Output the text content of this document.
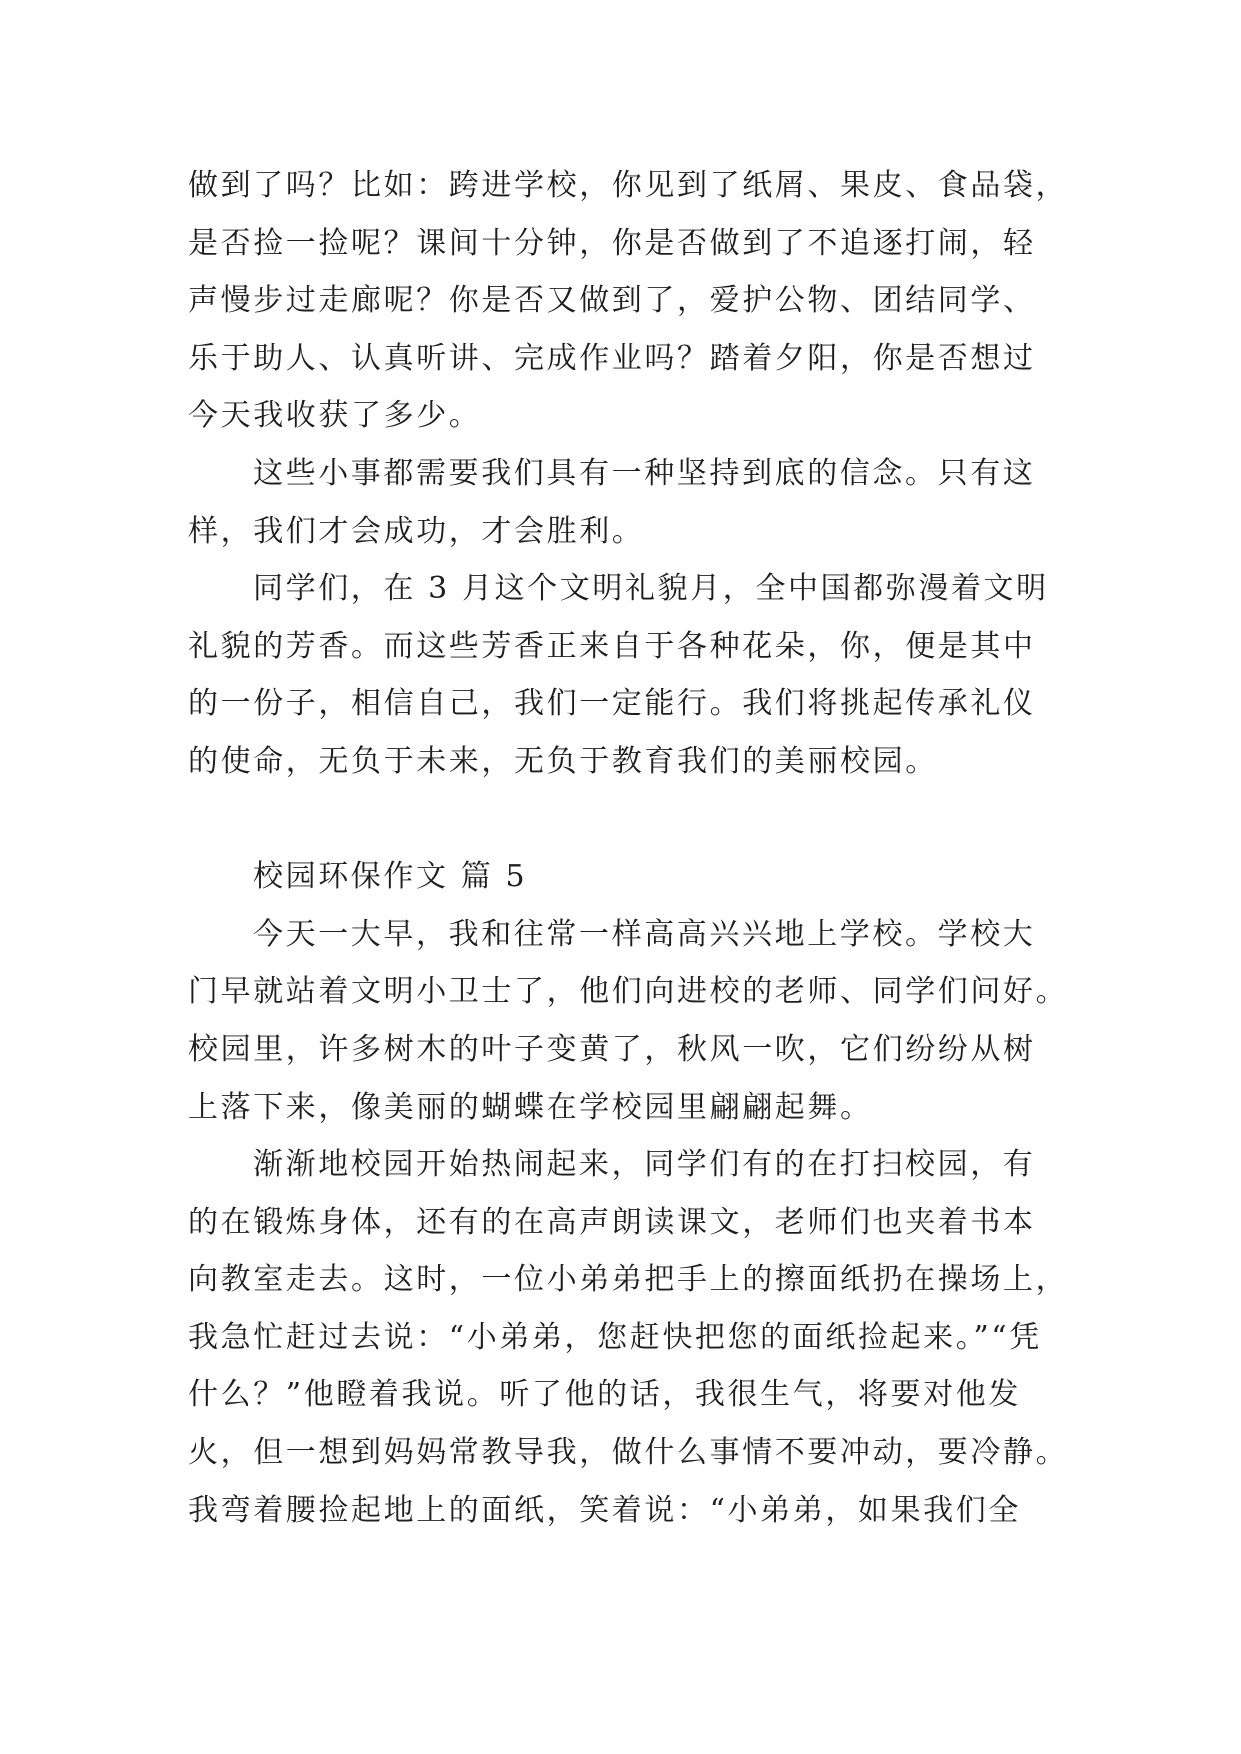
做到了吗？比如：跨进学校，你见到了纸屑、果皮、食品袋，
是否捡一捡呢？课间十分钟，你是否做到了不追逐打闹，轻
声慢步过走廊呢？你是否又做到了，爱护公物、团结同学、
乐于助人、认真听讲、完成作业吗？踏着夕阳，你是否想过
今天我收获了多少。
这些小事都需要我们具有一种坚持到底的信念。只有这
样，我们才会成功，才会胜利。
同学们，在 3 月这个文明礼貌月，全中国都弥漫着文明
礼貌的芳香。而这些芳香正来自于各种花朵，你，便是其中
的一份子，相信自己，我们一定能行。我们将挑起传承礼仪
的使命，无负于未来，无负于教育我们的美丽校园。
校园环保作文 篇 5
今天一大早，我和往常一样高高兴兴地上学校。学校大
门早就站着文明小卫士了，他们向进校的老师、同学们问好。
校园里，许多树木的叶子变黄了，秋风一吹，它们纷纷从树
上落下来，像美丽的蝴蝶在学校园里翩翩起舞。
渐渐地校园开始热闹起来，同学们有的在打扫校园，有
的在锻炼身体，还有的在高声朗读课文，老师们也夹着书本
向教室走去。这时，一位小弟弟把手上的擦面纸扔在操场上，
我急忙赶过去说：“小弟弟，您赶快把您的面纸捡起来。”“凭
什么？”他瞪着我说。听了他的话，我很生气，将要对他发
火，但一想到妈妈常教导我，做什么事情不要冲动，要冷静。
我弯着腰捡起地上的面纸，笑着说：“小弟弟，如果我们全
